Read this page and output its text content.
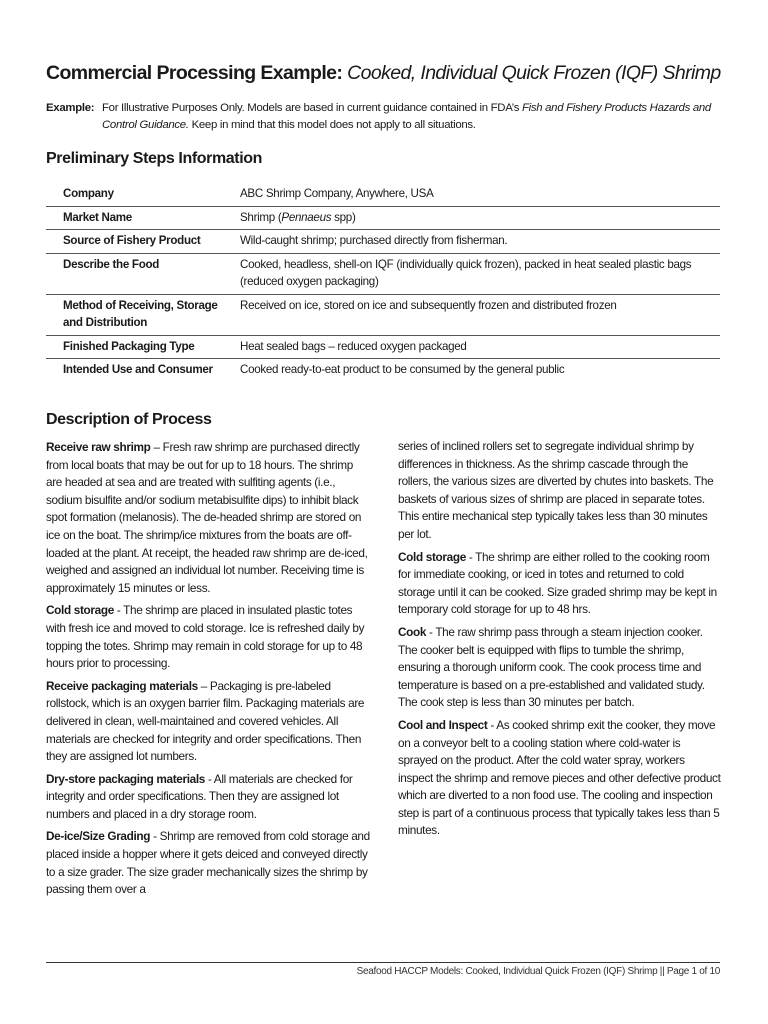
Commercial Processing Example: Cooked, Individual Quick Frozen (IQF) Shrimp
Example: For Illustrative Purposes Only. Models are based in current guidance contained in FDA’s Fish and Fishery Products Hazards and Control Guidance. Keep in mind that this model does not apply to all situations.
Preliminary Steps Information
Company	ABC Shrimp Company, Anywhere, USA
Market Name	Shrimp (Pennaeus spp)
Source of Fishery Product	Wild-caught shrimp; purchased directly from fisherman.
Describe the Food	Cooked, headless, shell-on IQF (individually quick frozen), packed in heat sealed plastic bags (reduced oxygen packaging)
Method of Receiving, Storage and Distribution	Received on ice, stored on ice and subsequently frozen and distributed frozen
Finished Packaging Type	Heat sealed bags – reduced oxygen packaged
Intended Use and Consumer	Cooked ready-to-eat product to be consumed by the general public
Description of Process

Receive raw shrimp – Fresh raw shrimp are purchased directly from local boats that may be out for up to 18 hours. The shrimp are headed at sea and are treated with sulfiting agents (i.e., sodium bisulfite and/or sodium metabisulfite dips) to inhibit black spot formation (melanosis). The de-headed shrimp are stored on ice on the boat. The shrimp/ice mixtures from the boats are off-loaded at the plant. At receipt, the headed raw shrimp are de-iced, weighed and assigned an individual lot number. Receiving time is approximately 15 minutes or less.

Cold storage - The shrimp are placed in insulated plastic totes with fresh ice and moved to cold storage. Ice is refreshed daily by topping the totes. Shrimp may remain in cold storage for up to 48 hours prior to processing.

Receive packaging materials – Packaging is pre-labeled rollstock, which is an oxygen barrier film. Packaging materials are delivered in clean, well-maintained and covered vehicles. All materials are checked for integrity and order specifications. Then they are assigned lot numbers.

Dry-store packaging materials - All materials are checked for integrity and order specifications. Then they are assigned lot numbers and placed in a dry storage room.

De-ice/Size Grading - Shrimp are removed from cold storage and placed inside a hopper where it gets deiced and conveyed directly to a size grader. The size grader mechanically sizes the shrimp by passing them over a

series of inclined rollers set to segregate individual shrimp by differences in thickness. As the shrimp cascade through the rollers, the various sizes are diverted by chutes into baskets. The baskets of various sizes of shrimp are placed in separate totes. This entire mechanical step typically takes less than 30 minutes per lot.

Cold storage - The shrimp are either rolled to the cooking room for immediate cooking, or iced in totes and returned to cold storage until it can be cooked. Size graded shrimp may be kept in temporary cold storage for up to 48 hrs.

Cook - The raw shrimp pass through a steam injection cooker. The cooker belt is equipped with flips to tumble the shrimp, ensuring a thorough uniform cook. The cook process time and temperature is based on a pre-established and validated study. The cook step is less than 30 minutes per batch.

Cool and Inspect - As cooked shrimp exit the cooker, they move on a conveyor belt to a cooling station where cold-water is sprayed on the product. After the cold water spray, workers inspect the shrimp and remove pieces and other defective product which are diverted to a non food use. The cooling and inspection step is part of a continuous process that typically takes less than 5 minutes.

Seafood HACCP Models: Cooked, Individual Quick Frozen (IQF) Shrimp || Page 1 of 10
